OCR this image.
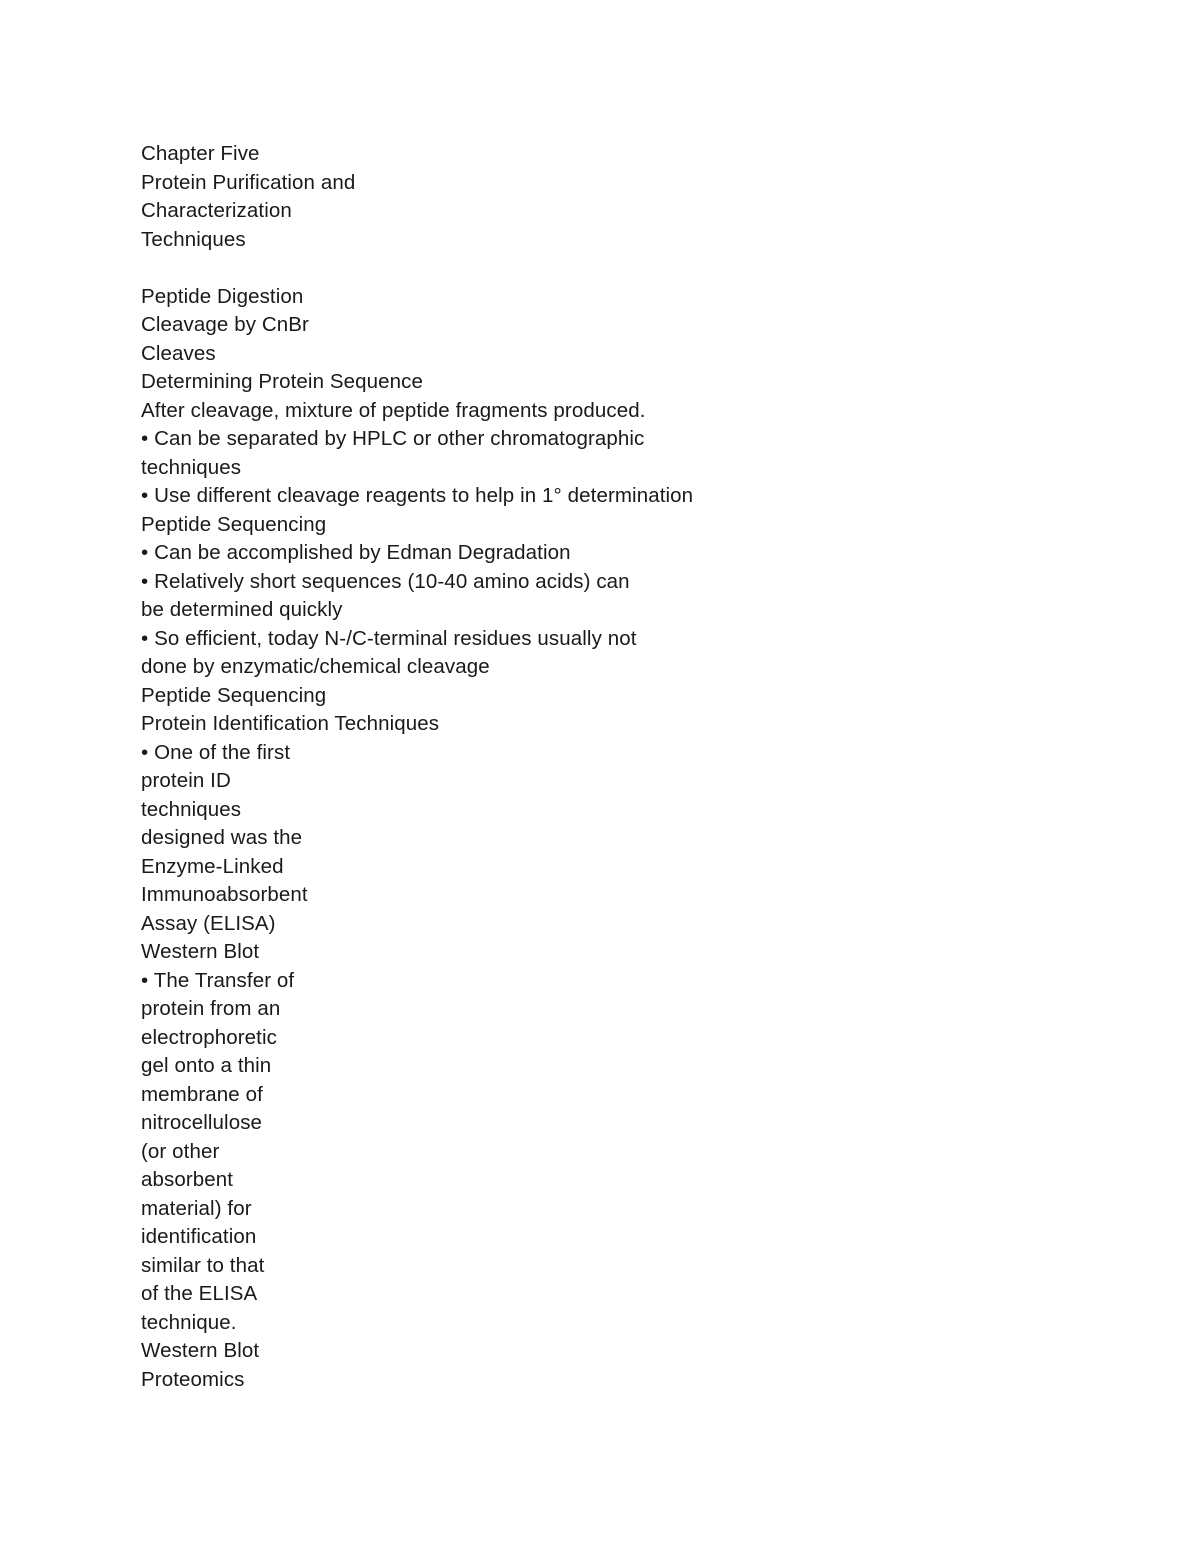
Chapter Five
Protein Purification and
Characterization
Techniques
Peptide Digestion
Cleavage by CnBr
Cleaves
Determining Protein Sequence
After cleavage, mixture of peptide fragments produced.
• Can be separated by HPLC or other chromatographic
techniques
• Use different cleavage reagents to help in 1° determination
Peptide Sequencing
• Can be accomplished by Edman Degradation
• Relatively short sequences (10-40 amino acids) can
be determined quickly
• So efficient, today N-/C-terminal residues usually not
done by enzymatic/chemical cleavage
Peptide Sequencing
Protein Identification Techniques
• One of the first
protein ID
techniques
designed was the
Enzyme-Linked
Immunoabsorbent
Assay (ELISA)
Western Blot
• The Transfer of
protein from an
electrophoretic
gel onto a thin
membrane of
nitrocellulose
(or other
absorbent
material) for
identification
similar to that
of the ELISA
technique.
Western Blot
Proteomics
